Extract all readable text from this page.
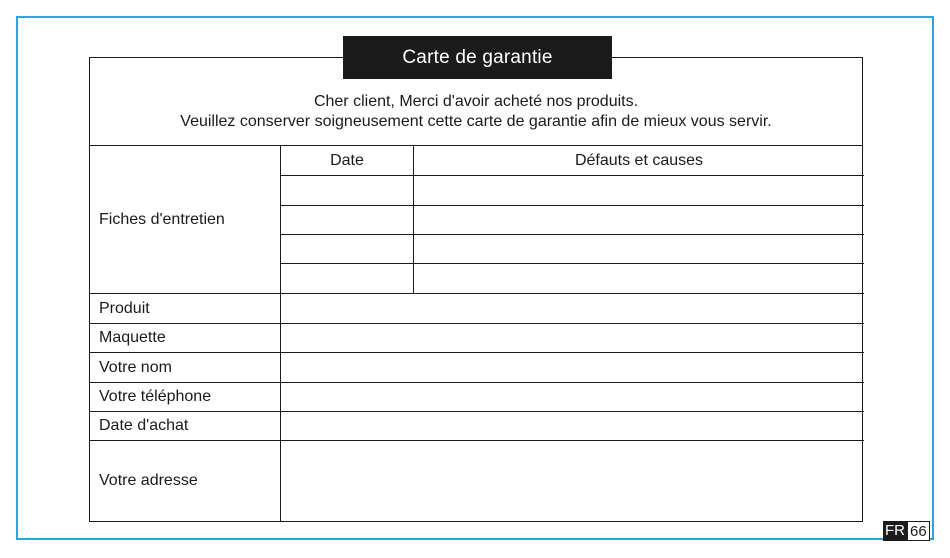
Cher client, Merci d'avoir acheté nos produits.
Veuillez conserver soigneusement cette carte de garantie afin de mieux vous servir.
Fiches d'entretien
Date	Défauts et causes
Produit
Maquette
Votre nom
Votre téléphone
Date d'achat
Votre adresse
Carte de garantie
FR 66
